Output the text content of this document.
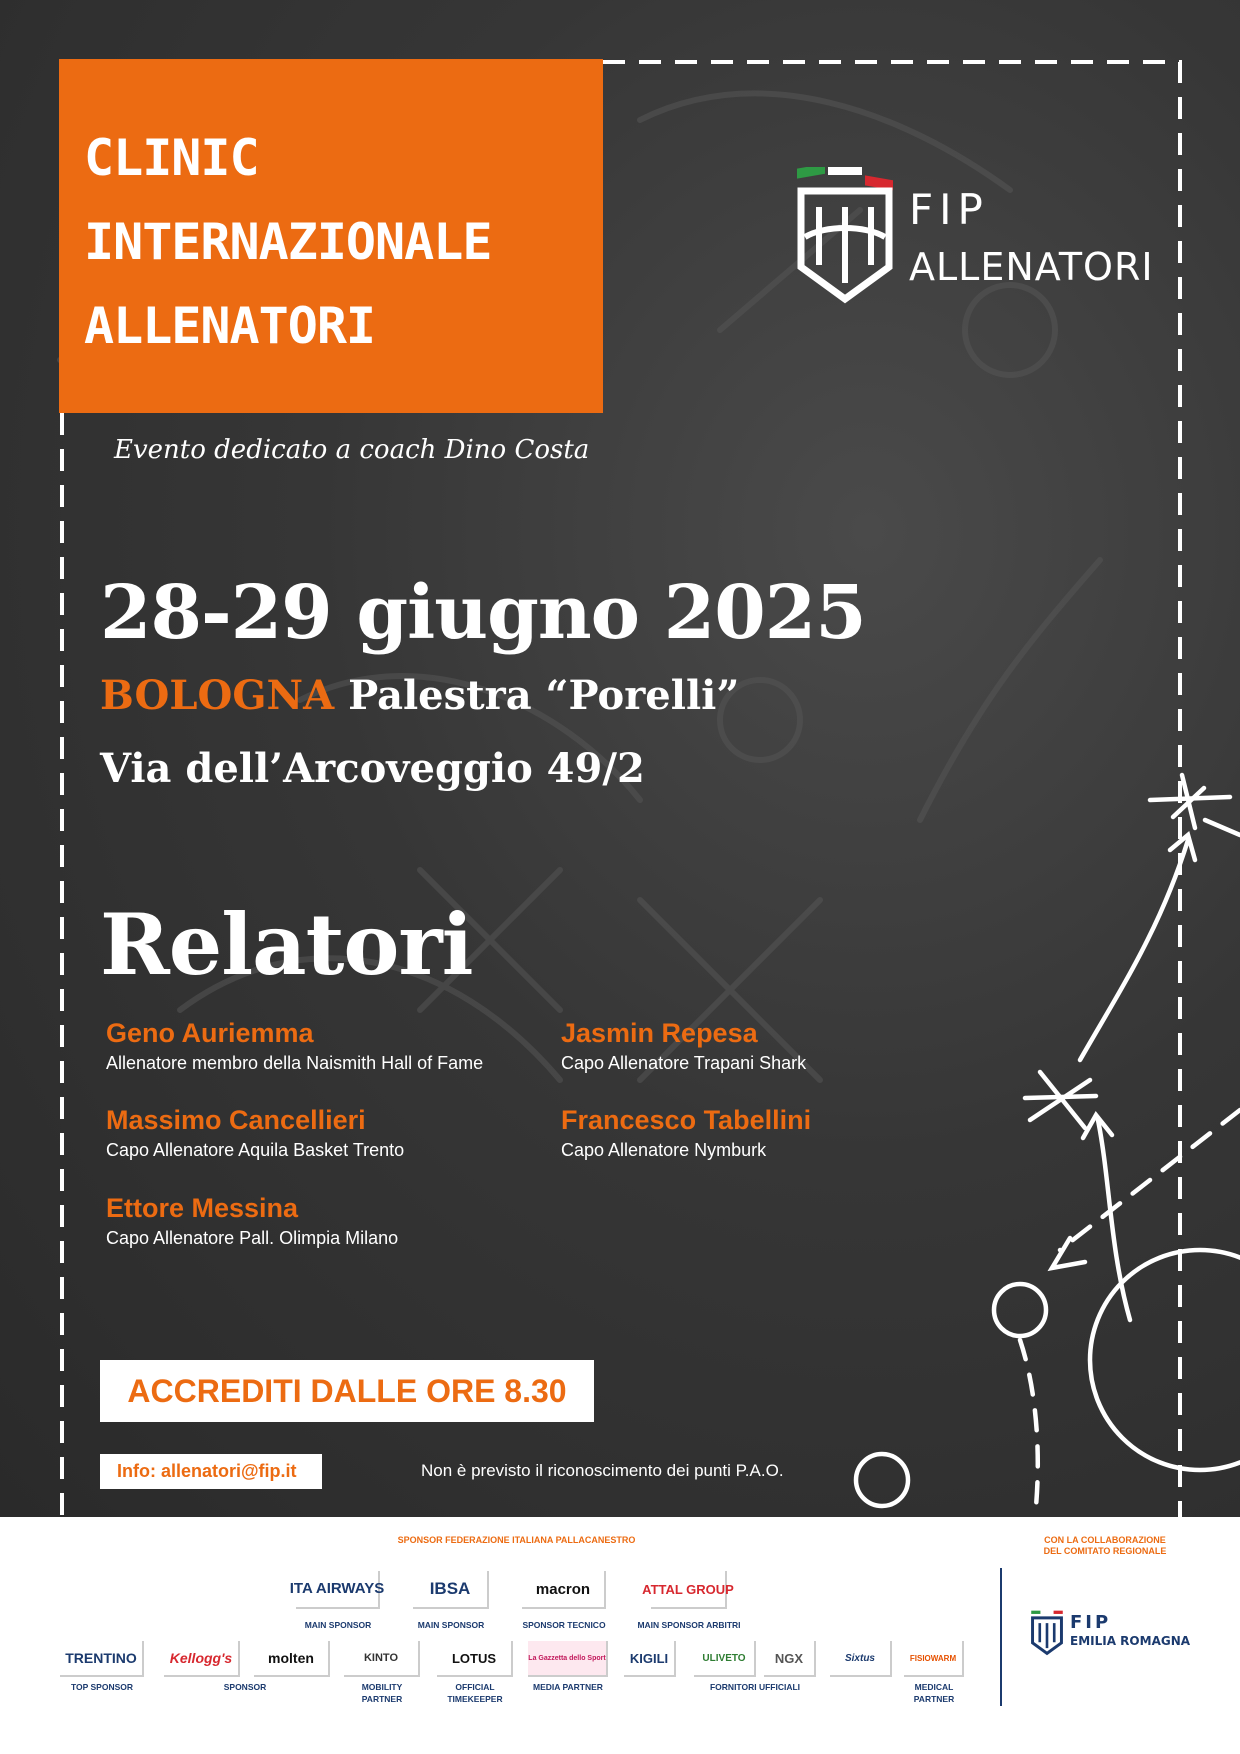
CLINIC
INTERNAZIONALE
ALLENATORI
FIP
ALLENATORI
Evento dedicato a coach Dino Costa
28-29 giugno 2025
BOLOGNA Palestra “Porelli”
Via dell’Arcoveggio 49/2
Relatori
Geno Auriemma
Allenatore membro della Naismith Hall of Fame
Jasmin Repesa
Capo Allenatore Trapani Shark
Massimo Cancellieri
Capo Allenatore Aquila Basket Trento
Francesco Tabellini
Capo Allenatore Nymburk
Ettore Messina
Capo Allenatore Pall. Olimpia Milano
ACCREDITI DALLE ORE 8.30
Info: allenatori@fip.it	Non è previsto il riconoscimento dei punti P.A.O.
SPONSOR FEDERAZIONE ITALIANA PALLACANESTRO	CON LA COLLABORAZIONE
DEL COMITATO REGIONALE
ITA AIRWAYS
MAIN SPONSOR
IBSA
MAIN SPONSOR
macron
SPONSOR TECNICO
ATTAL GROUP
MAIN SPONSOR ARBITRI
TRENTINO
TOP SPONSOR
Kellogg's
SPONSOR
molten	KINTO
MOBILITY
PARTNER
LOTUS
OFFICIAL
TIMEKEEPER
La Gazzetta dello Sport
MEDIA PARTNER
KIGILI	ULIVETO
FORNITORI UFFICIALI
NGX	Sixtus	FISIOWARM
MEDICAL
PARTNER
FIP
EMILIA ROMAGNA
